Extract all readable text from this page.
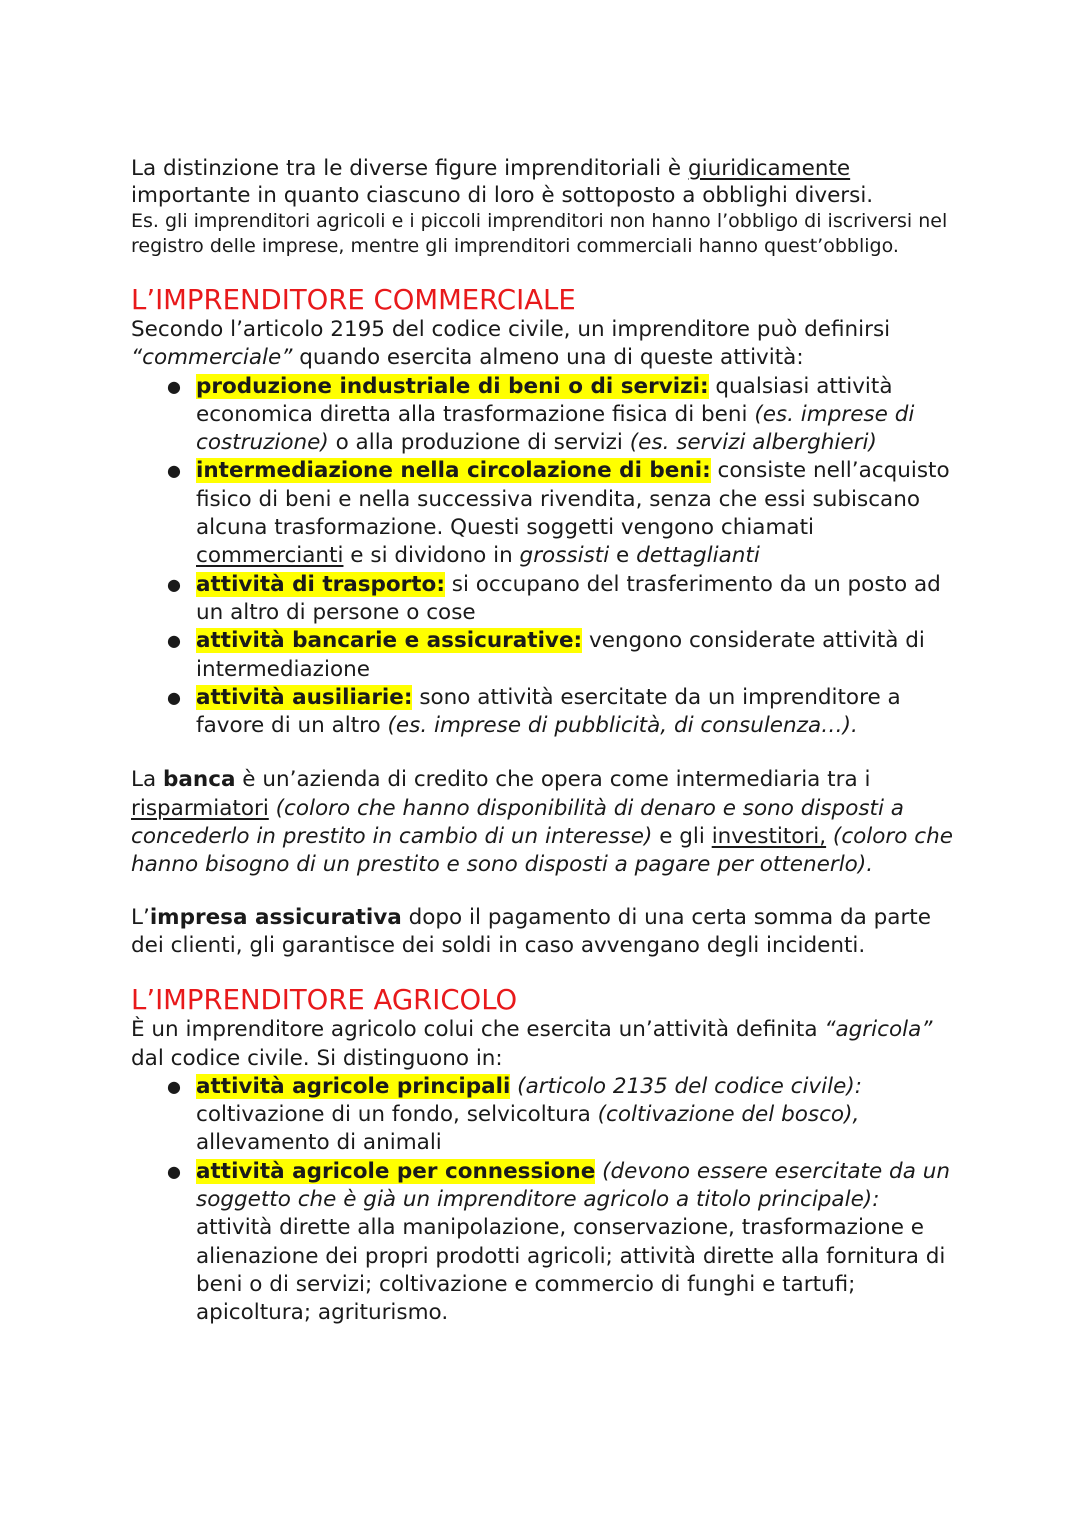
La distinzione tra le diverse figure imprenditoriali è giuridicamente importante in quanto ciascuno di loro è sottoposto a obblighi diversi.

Es. gli imprenditori agricoli e i piccoli imprenditori non hanno l’obbligo di iscriversi nel registro delle imprese, mentre gli imprenditori commerciali hanno quest’obbligo.

L’IMPRENDITORE COMMERCIALE

Secondo l’articolo 2195 del codice civile, un imprenditore può definirsi “commerciale” quando esercita almeno una di queste attività:

● produzione industriale di beni o di servizi: qualsiasi attività economica diretta alla trasformazione fisica di beni (es. imprese di costruzione) o alla produzione di servizi (es. servizi alberghieri)
● intermediazione nella circolazione di beni: consiste nell’acquisto fisico di beni e nella successiva rivendita, senza che essi subiscano alcuna trasformazione. Questi soggetti vengono chiamati commercianti e si dividono in grossisti e dettaglianti
● attività di trasporto: si occupano del trasferimento da un posto ad un altro di persone o cose
● attività bancarie e assicurative: vengono considerate attività di intermediazione
● attività ausiliarie: sono attività esercitate da un imprenditore a favore di un altro (es. imprese di pubblicità, di consulenza…).

La banca è un’azienda di credito che opera come intermediaria tra i risparmiatori (coloro che hanno disponibilità di denaro e sono disposti a concederlo in prestito in cambio di un interesse) e gli investitori, (coloro che hanno bisogno di un prestito e sono disposti a pagare per ottenerlo).

L’impresa assicurativa dopo il pagamento di una certa somma da parte dei clienti, gli garantisce dei soldi in caso avvengano degli incidenti.

L’IMPRENDITORE AGRICOLO

È un imprenditore agricolo colui che esercita un’attività definita “agricola” dal codice civile. Si distinguono in:

● attività agricole principali (articolo 2135 del codice civile): coltivazione di un fondo, selvicoltura (coltivazione del bosco), allevamento di animali
● attività agricole per connessione (devono essere esercitate da un soggetto che è già un imprenditore agricolo a titolo principale): attività dirette alla manipolazione, conservazione, trasformazione e alienazione dei propri prodotti agricoli; attività dirette alla fornitura di beni o di servizi; coltivazione e commercio di funghi e tartufi; apicoltura; agriturismo.
